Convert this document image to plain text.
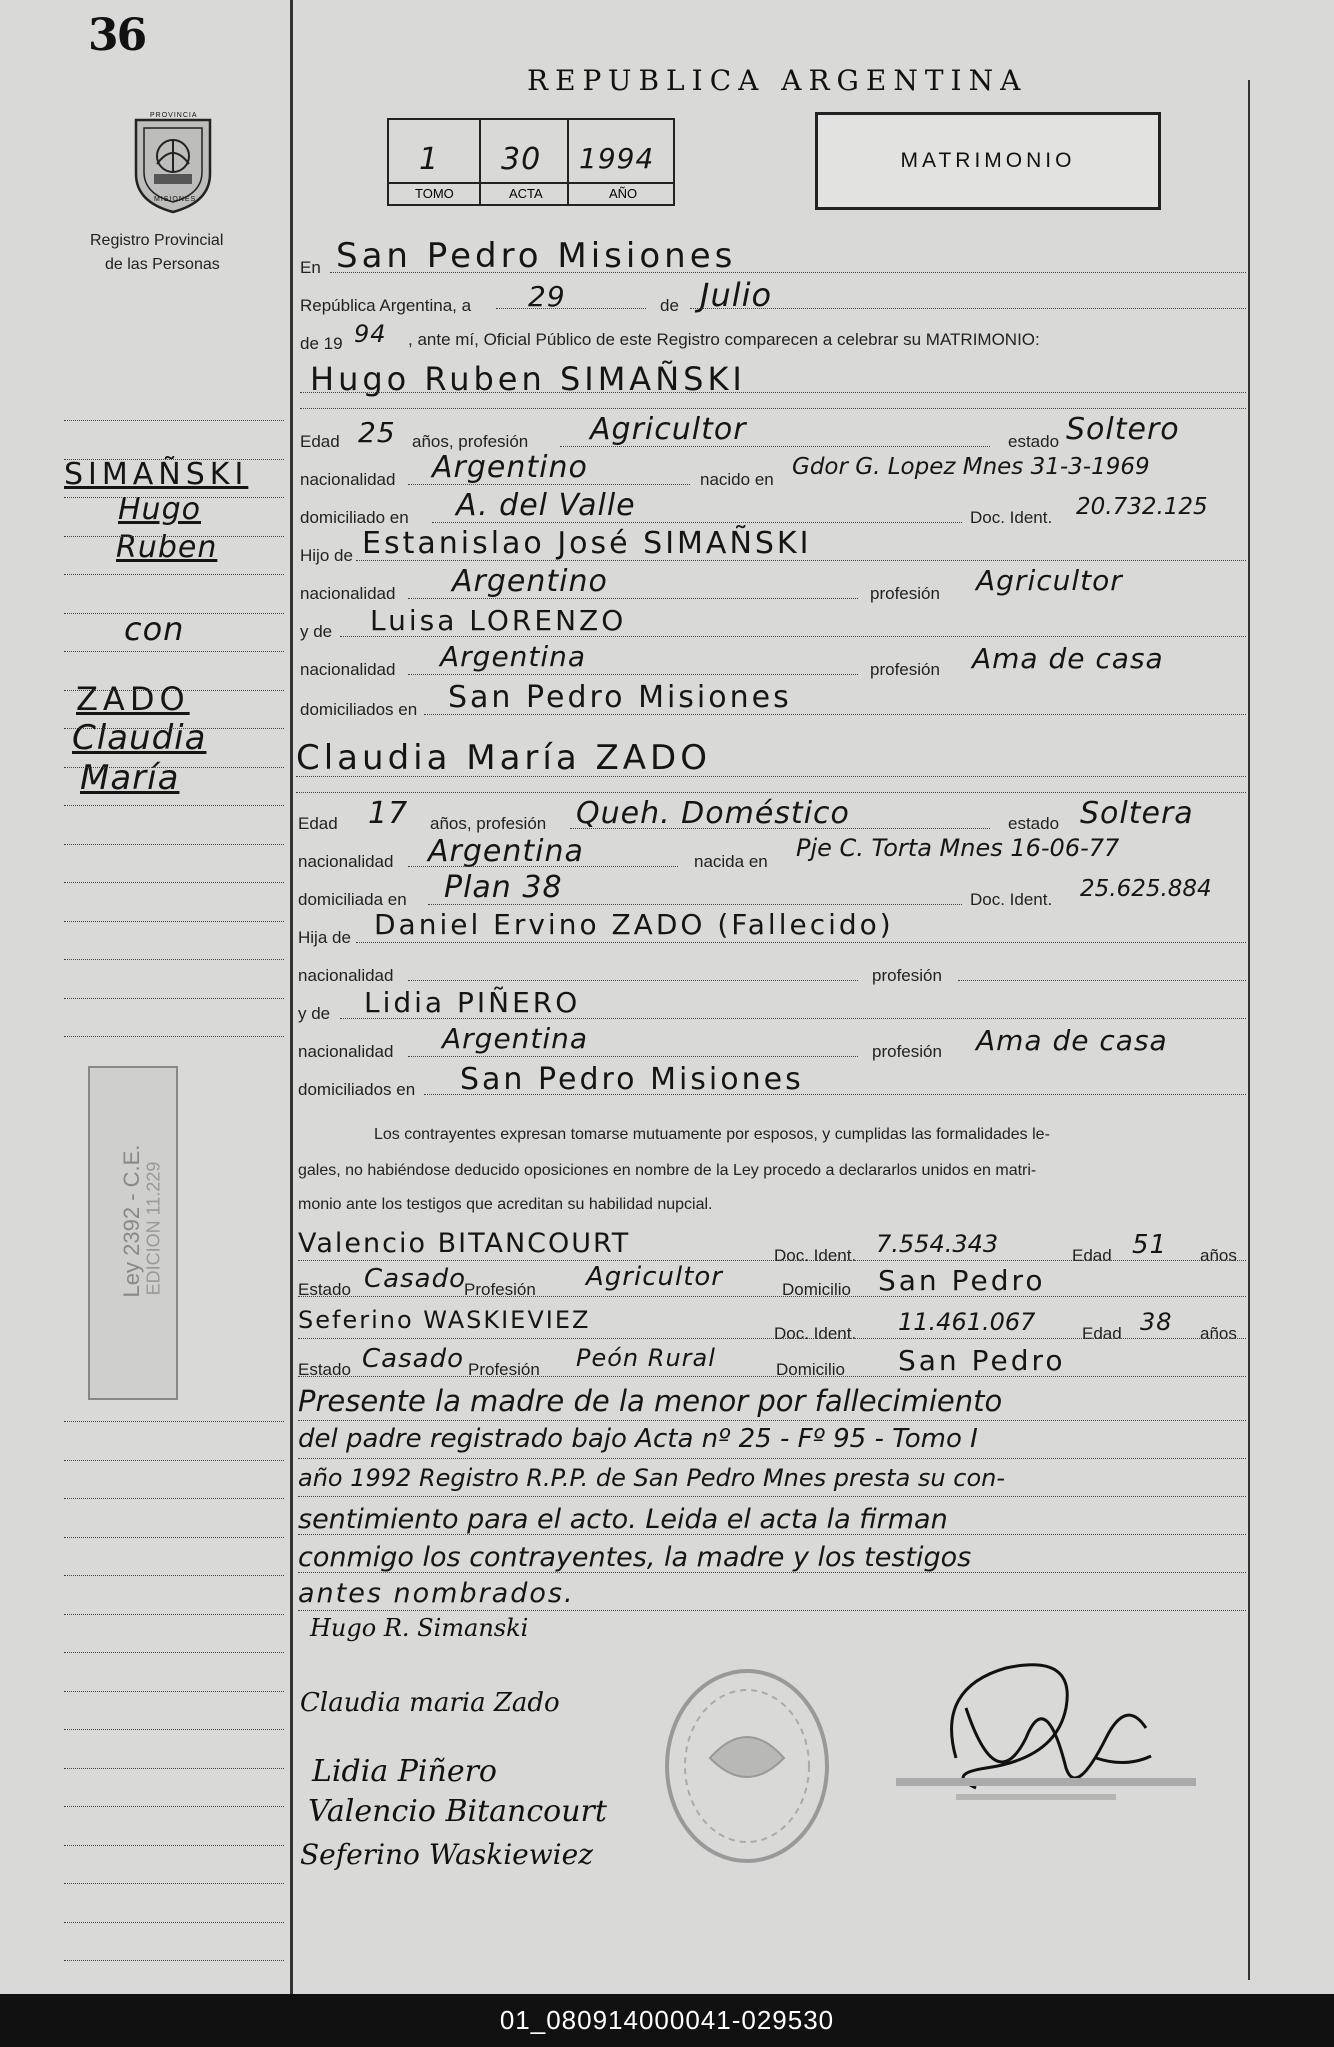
36
PROVINCIA
MISIONES
Registro Provincial
de las Personas
REPUBLICA ARGENTINA
1 30 1994
TOMO	ACTA	AÑO
MATRIMONIO
SIMAÑSKI
Hugo
Ruben
con
ZADO
Claudia
María
Ley 2392 - C.E. EDICION 11.229
En San Pedro Misiones
República Argentina, a 29	de Julio
de 19 94 , ante mí, Oficial Público de este Registro comparecen a celebrar su MATRIMONIO:
Hugo Ruben SIMAÑSKI
Edad 25 años, profesión Agricultor	estado Soltero
nacionalidad Argentino	nacido en Gdor G. Lopez Mnes 31-3-1969
domiciliado en A. del Valle	Doc. Ident. 20.732.125
Hijo de Estanislao José SIMAÑSKI
nacionalidad Argentino	profesión Agricultor
y de Luisa LORENZO
nacionalidad Argentina	profesión Ama de casa
domiciliados en San Pedro Misiones
Claudia María ZADO
Edad 17 años, profesión Queh. Doméstico	estado Soltera
nacionalidad Argentina	nacida en Pje C. Torta Mnes 16-06-77
domiciliada en Plan 38	Doc. Ident. 25.625.884
Hija de Daniel Ervino ZADO (Fallecido)
nacionalidad	profesión
y de Lidia PIÑERO
nacionalidad Argentina	profesión Ama de casa
domiciliados en San Pedro Misiones
Los contrayentes expresan tomarse mutuamente por esposos, y cumplidas las formalidades le-
gales, no habiéndose deducido oposiciones en nombre de la Ley procedo a declararlos unidos en matri-
monio ante los testigos que acreditan su habilidad nupcial.
Valencio BITANCOURT	Doc. Ident. 7.554.343	Edad 51 años
Estado Casado
Profesión Agricultor	Domicilio San Pedro
Seferino WASKIEVIEZ	Doc. Ident. 11.461.067	Edad 38 años
Estado Casado Profesión Peón Rural	Domicilio San Pedro
Presente la madre de la menor por fallecimiento
del padre registrado bajo Acta nº 25 - Fº 95 - Tomo I
año 1992 Registro R.P.P. de San Pedro Mnes presta su con-
sentimiento para el acto. Leida el acta la firman
conmigo los contrayentes, la madre y los testigos
antes nombrados.
Hugo R. Simanski
Claudia maria Zado
Lidia Piñero
Valencio Bitancourt
Seferino Waskiewiez
01_080914000041-029530
